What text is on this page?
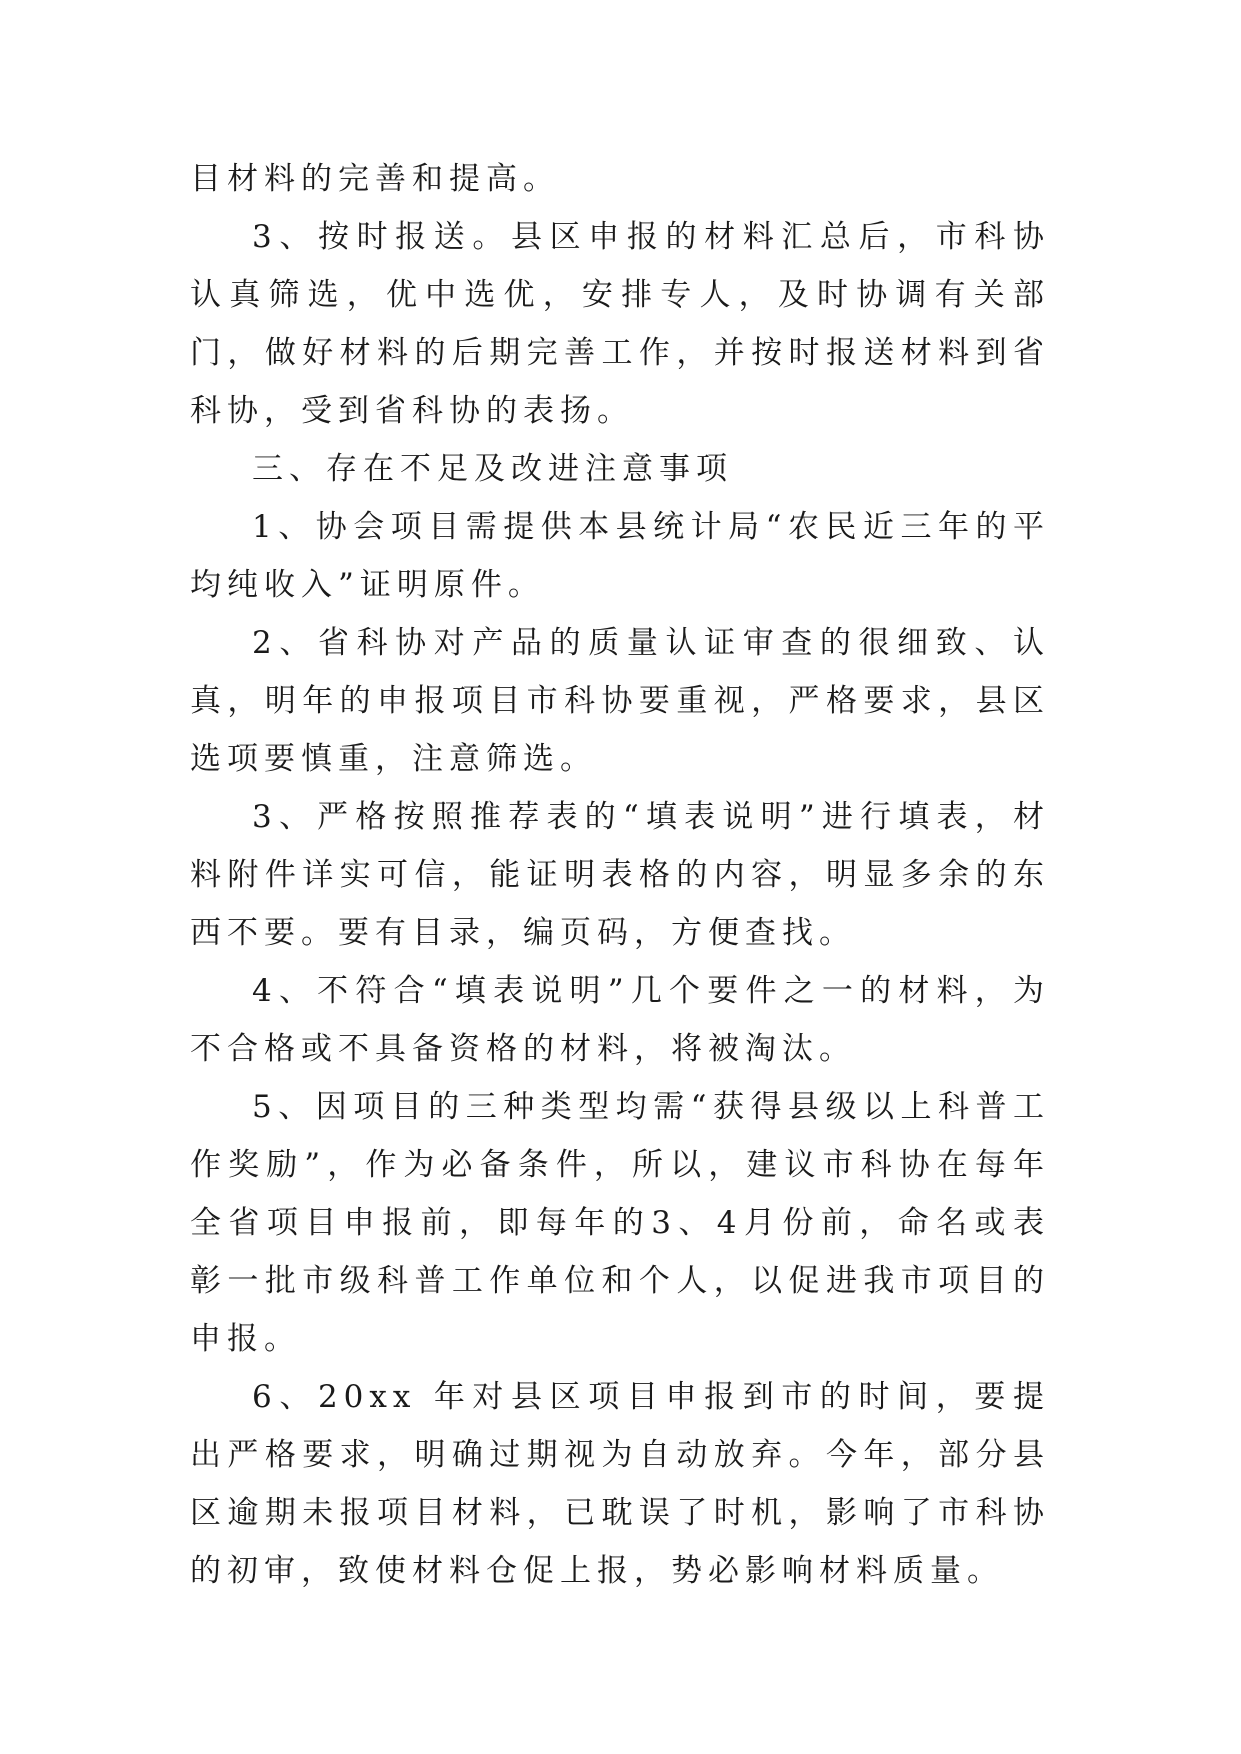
目材料的完善和提高。

3、按时报送。县区申报的材料汇总后，市科协认真筛选，优中选优，安排专人，及时协调有关部门，做好材料的后期完善工作，并按时报送材料到省科协，受到省科协的表扬。

三、存在不足及改进注意事项

1、协会项目需提供本县统计局“农民近三年的平均纯收入”证明原件。

2、省科协对产品的质量认证审查的很细致、认真，明年的申报项目市科协要重视，严格要求，县区选项要慎重，注意筛选。

3、严格按照推荐表的“填表说明”进行填表，材料附件详实可信，能证明表格的内容，明显多余的东西不要。要有目录，编页码，方便查找。

4、不符合“填表说明”几个要件之一的材料，为不合格或不具备资格的材料，将被淘汰。

5、因项目的三种类型均需“获得县级以上科普工作奖励”，作为必备条件，所以，建议市科协在每年全省项目申报前，即每年的3、4月份前，命名或表彰一批市级科普工作单位和个人，以促进我市项目的申报。

6、20xx 年对县区项目申报到市的时间，要提出严格要求，明确过期视为自动放弃。今年，部分县区逾期未报项目材料，已耽误了时机，影响了市科协的初审，致使材料仓促上报，势必影响材料质量。
